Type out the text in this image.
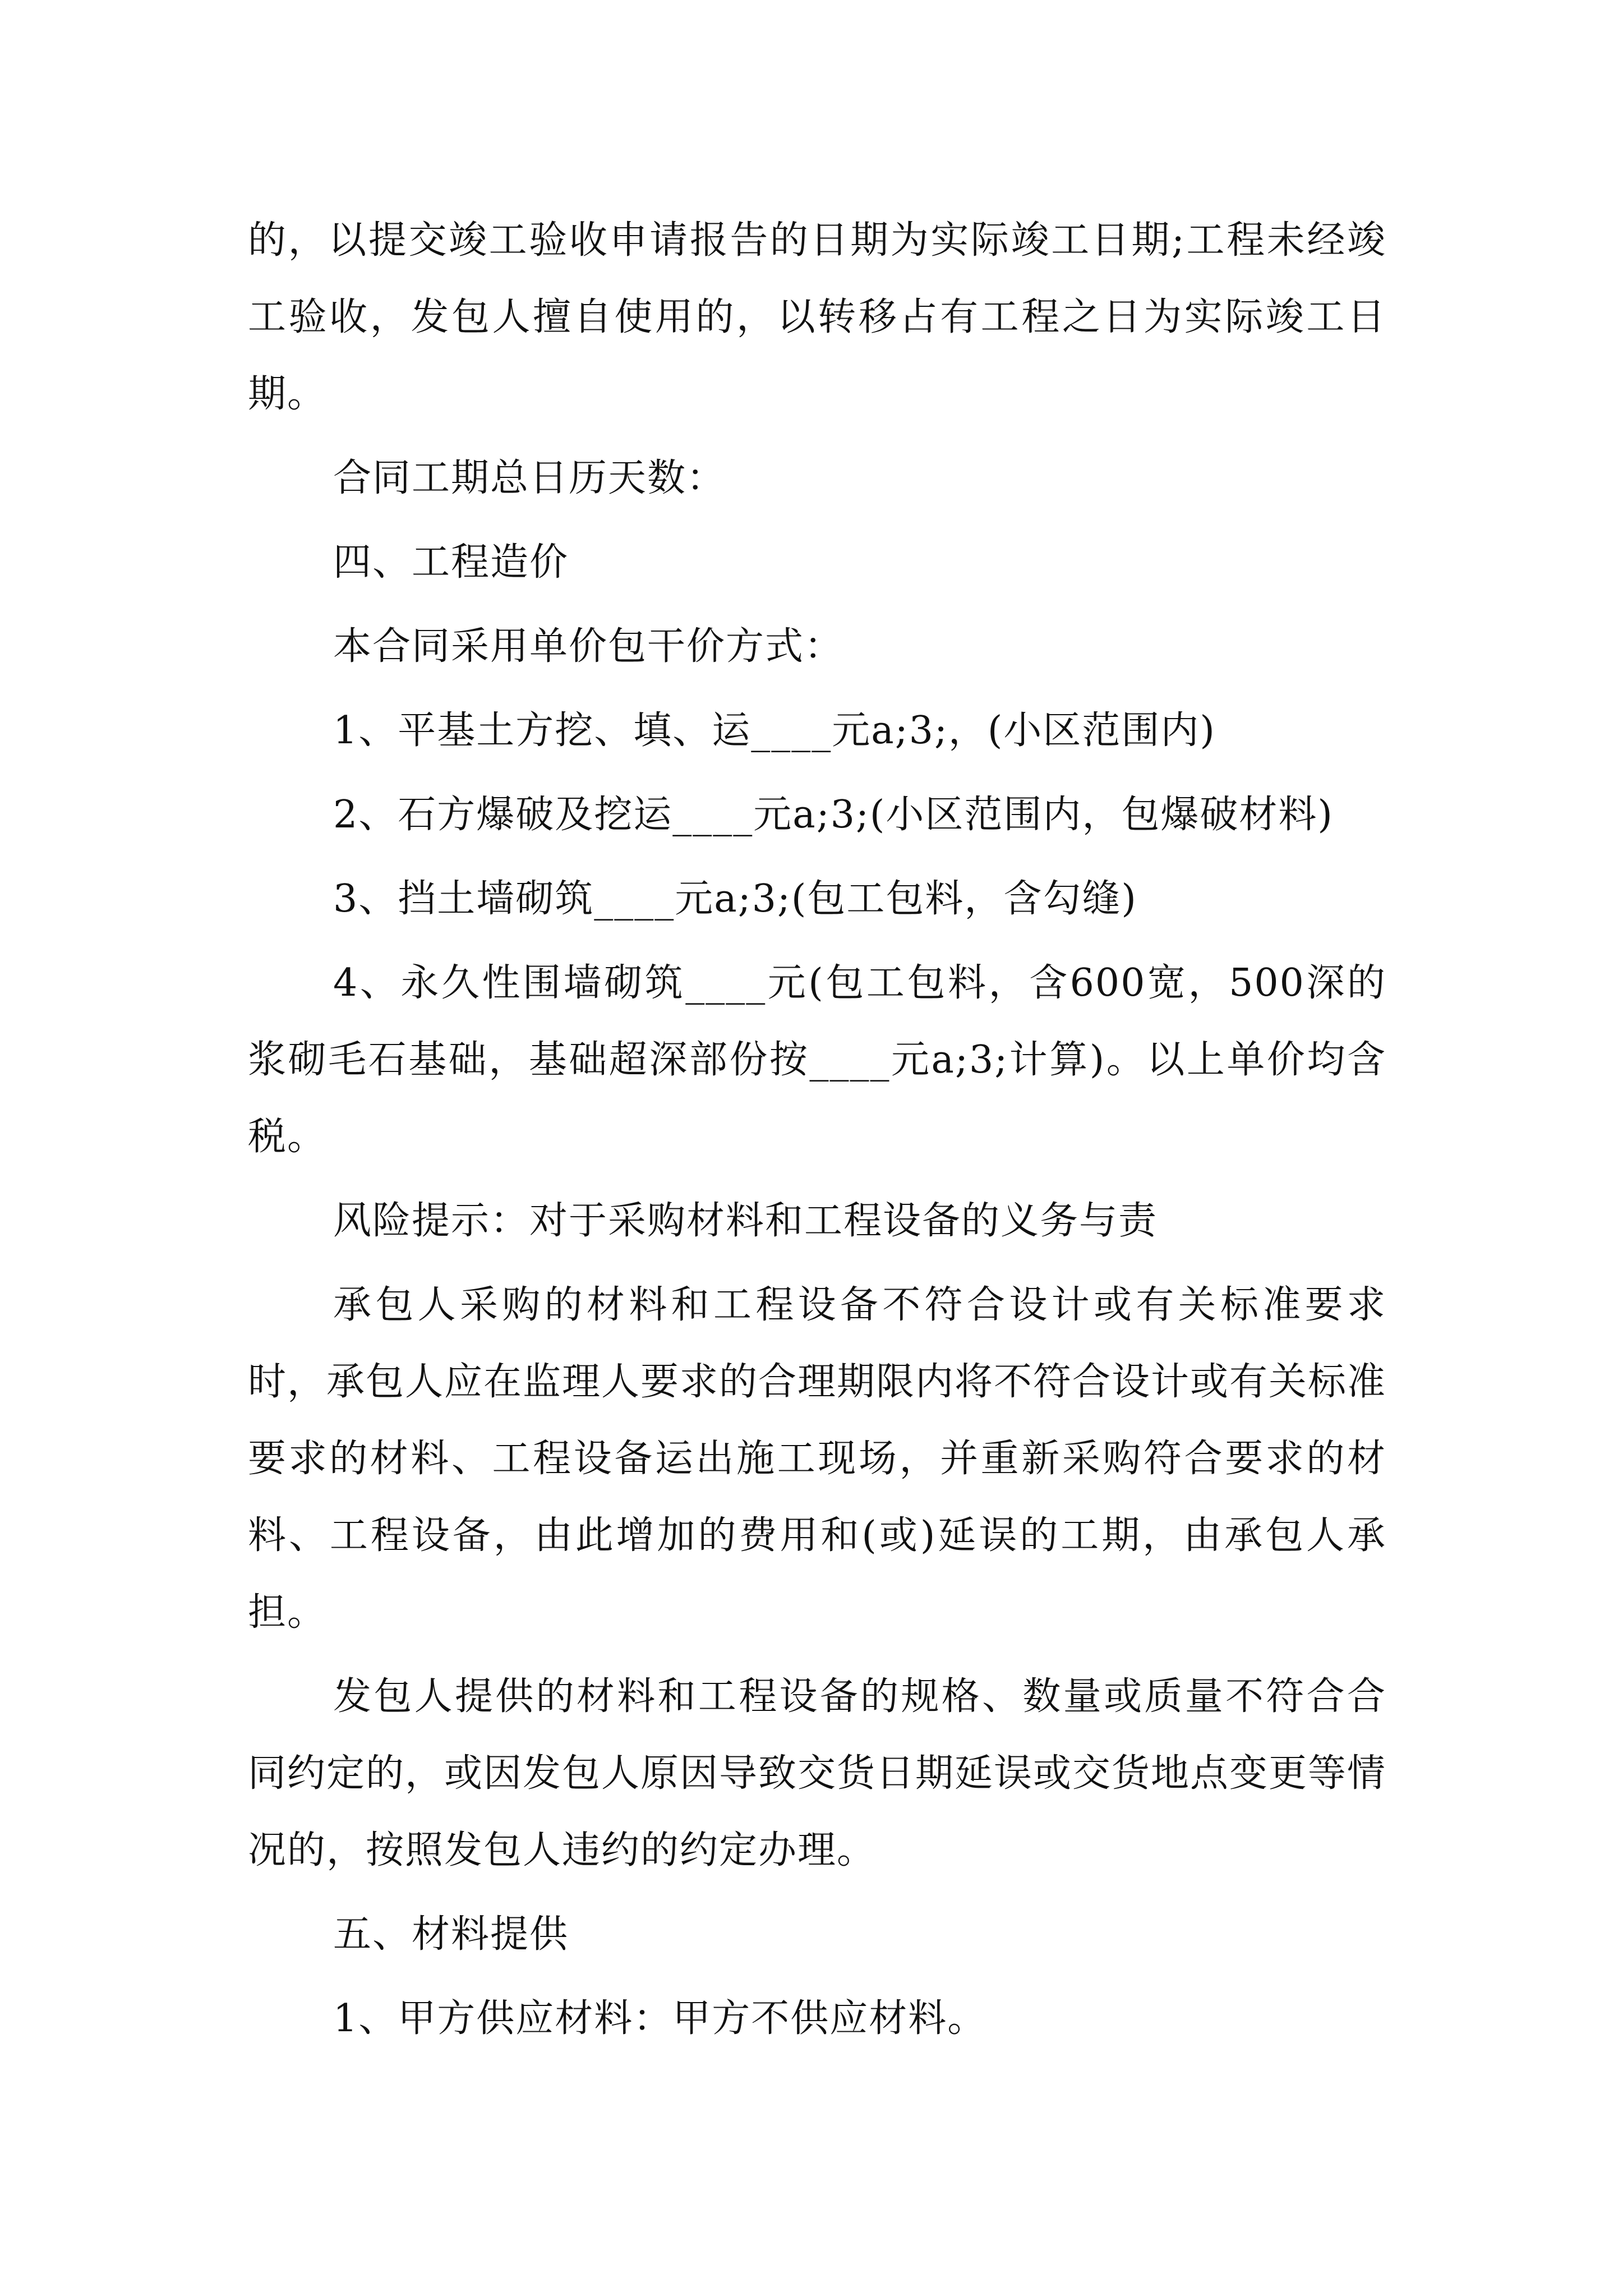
的，以提交竣工验收申请报告的日期为实际竣工日期;工程未经竣工验收，发包人擅自使用的，以转移占有工程之日为实际竣工日期。

合同工期总日历天数：

四、工程造价

本合同采用单价包干价方式：

1、平基土方挖、填、运____元a;3;，(小区范围内)

2、石方爆破及挖运____元a;3;(小区范围内，包爆破材料)

3、挡土墙砌筑____元a;3;(包工包料，含勾缝)

4、永久性围墙砌筑____元(包工包料，含600宽，500深的浆砌毛石基础，基础超深部份按____元a;3;计算)。以上单价均含税。

风险提示：对于采购材料和工程设备的义务与责

承包人采购的材料和工程设备不符合设计或有关标准要求时，承包人应在监理人要求的合理期限内将不符合设计或有关标准要求的材料、工程设备运出施工现场，并重新采购符合要求的材料、工程设备，由此增加的费用和(或)延误的工期，由承包人承担。

发包人提供的材料和工程设备的规格、数量或质量不符合合同约定的，或因发包人原因导致交货日期延误或交货地点变更等情况的，按照发包人违约的约定办理。

五、材料提供

1、甲方供应材料：甲方不供应材料。
